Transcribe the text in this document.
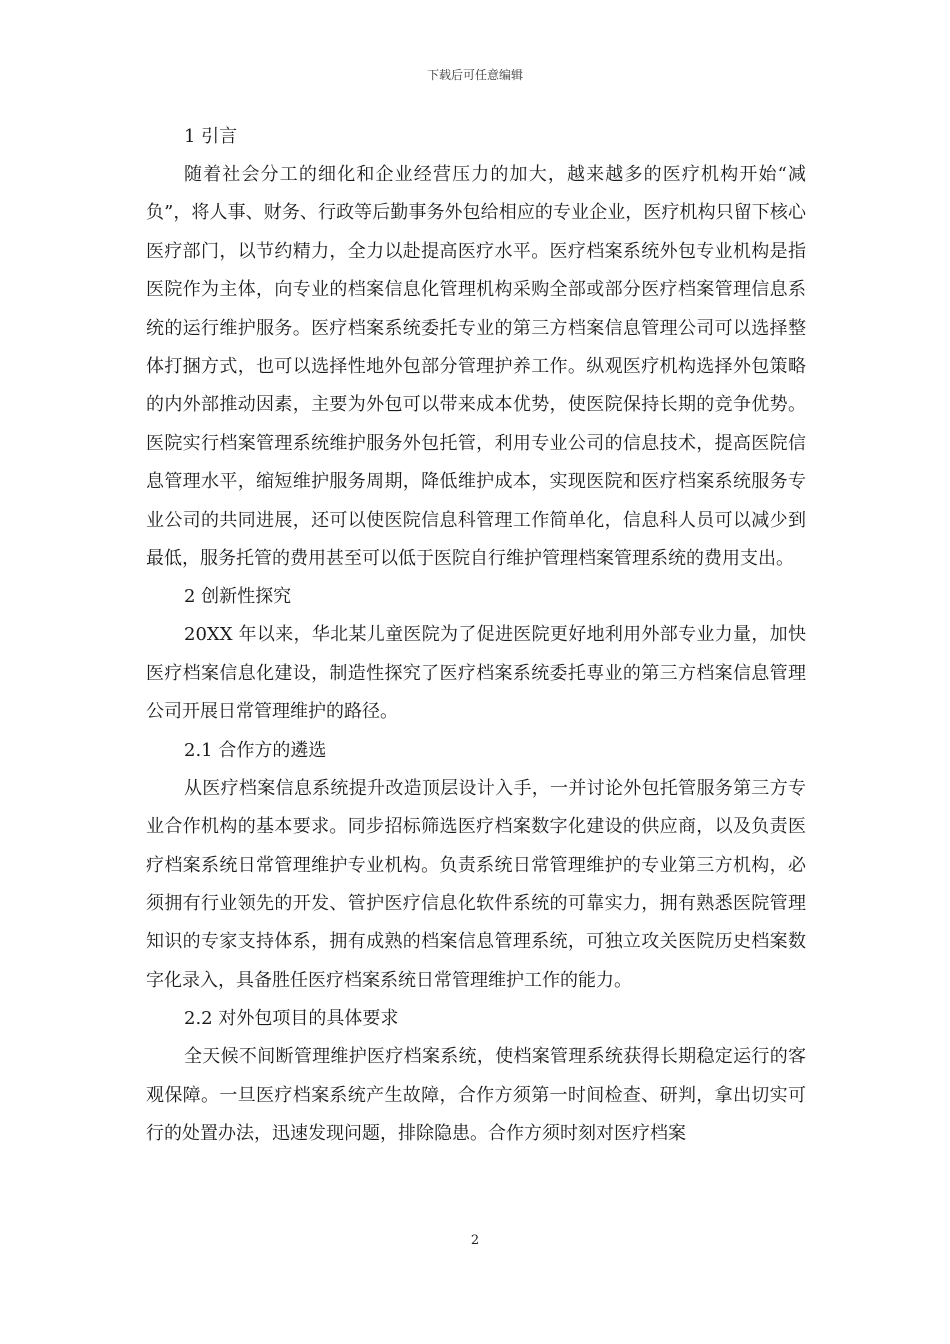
下载后可任意编辑
1 引言

随着社会分工的细化和企业经营压力的加大，越来越多的医疗机构开始“减负”，将人事、财务、行政等后勤事务外包给相应的专业企业，医疗机构只留下核心医疗部门，以节约精力，全力以赴提高医疗水平。医疗档案系统外包专业机构是指医院作为主体，向专业的档案信息化管理机构采购全部或部分医疗档案管理信息系统的运行维护服务。医疗档案系统委托专业的第三方档案信息管理公司可以选择整体打捆方式，也可以选择性地外包部分管理护养工作。纵观医疗机构选择外包策略的内外部推动因素，主要为外包可以带来成本优势，使医院保持长期的竞争优势。医院实行档案管理系统维护服务外包托管，利用专业公司的信息技术，提高医院信息管理水平，缩短维护服务周期，降低维护成本，实现医院和医疗档案系统服务专业公司的共同进展，还可以使医院信息科管理工作简单化，信息科人员可以减少到最低，服务托管的费用甚至可以低于医院自行维护管理档案管理系统的费用支出。

2 创新性探究

20XX 年以来，华北某儿童医院为了促进医院更好地利用外部专业力量，加快医疗档案信息化建设，制造性探究了医疗档案系统委托専业的第三方档案信息管理公司开展日常管理维护的路径。

2.1 合作方的遴选

从医疗档案信息系统提升改造顶层设计入手，一并讨论外包托管服务第三方专业合作机构的基本要求。同步招标筛选医疗档案数字化建设的供应商，以及负责医疗档案系统日常管理维护专业机构。负责系统日常管理维护的专业第三方机构，必须拥有行业领先的开发、管护医疗信息化软件系统的可靠实力，拥有熟悉医院管理知识的专家支持体系，拥有成熟的档案信息管理系统，可独立攻关医院历史档案数字化录入，具备胜任医疗档案系统日常管理维护工作的能力。

2.2 对外包项目的具体要求

全天候不间断管理维护医疗档案系统，使档案管理系统获得长期稳定运行的客观保障。一旦医疗档案系统产生故障，合作方须第一时间检查、研判，拿出切实可行的处置办法，迅速发现问题，排除隐患。合作方须时刻对医疗档案

2
